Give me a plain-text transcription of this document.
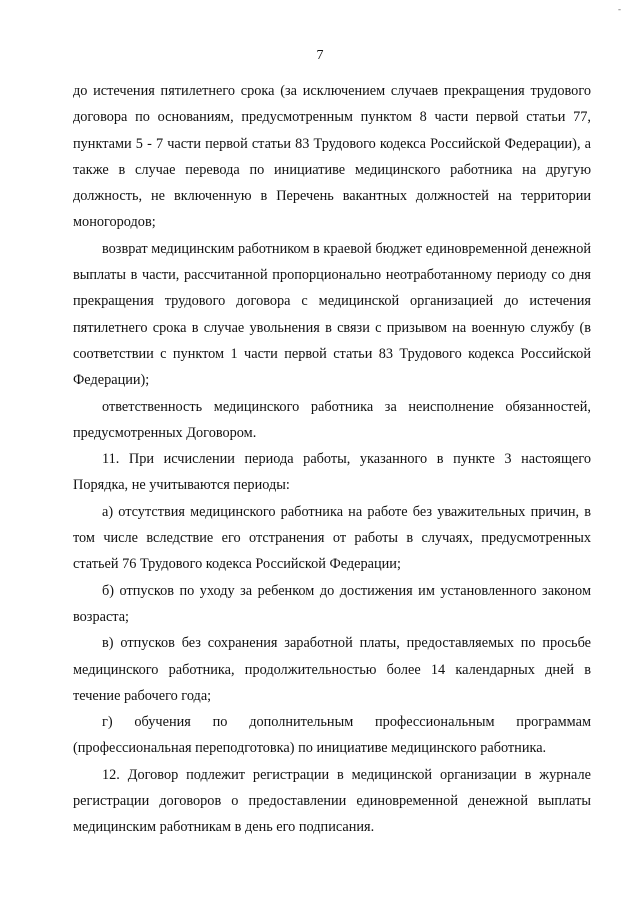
-
7

до истечения пятилетнего срока (за исключением случаев прекращения трудового договора по основаниям, предусмотренным пунктом 8 части первой статьи 77, пунктами 5 - 7 части первой статьи 83 Трудового кодекса Российской Федерации), а также в случае перевода по инициативе медицинского работника на другую должность, не включенную в Перечень вакантных должностей на территории моногородов;

возврат медицинским работником в краевой бюджет единовременной денежной выплаты в части, рассчитанной пропорционально неотработанному периоду со дня прекращения трудового договора с медицинской организацией до истечения пятилетнего срока в случае увольнения в связи с призывом на военную службу (в соответствии с пунктом 1 части первой статьи 83 Трудового кодекса Российской Федерации);

ответственность медицинского работника за неисполнение обязанностей, предусмотренных Договором.

11. При исчислении периода работы, указанного в пункте 3 настоящего Порядка, не учитываются периоды:

а) отсутствия медицинского работника на работе без уважительных причин, в том числе вследствие его отстранения от работы в случаях, предусмотренных статьей 76 Трудового кодекса Российской Федерации;

б) отпусков по уходу за ребенком до достижения им установленного законом возраста;

в) отпусков без сохранения заработной платы, предоставляемых по просьбе медицинского работника, продолжительностью более 14 календарных дней в течение рабочего года;

г) обучения по дополнительным профессиональным программам (профессиональная переподготовка) по инициативе медицинского работника.

12. Договор подлежит регистрации в медицинской организации в журнале регистрации договоров о предоставлении единовременной денежной выплаты медицинским работникам в день его подписания.
